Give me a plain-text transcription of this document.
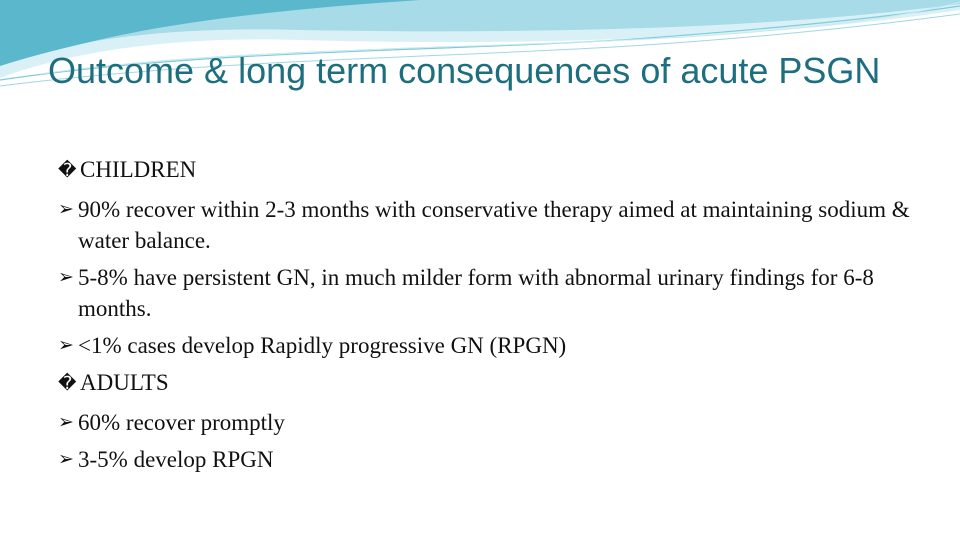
Outcome & long term consequences of acute PSGN
� CHILDREN
➢ 90% recover within 2-3 months with conservative therapy aimed at maintaining sodium & water balance.
➢ 5-8% have persistent GN, in much milder form with abnormal urinary findings for 6-8 months.
➢ <1% cases develop Rapidly progressive GN (RPGN)
� ADULTS
➢ 60% recover promptly
➢ 3-5% develop RPGN
